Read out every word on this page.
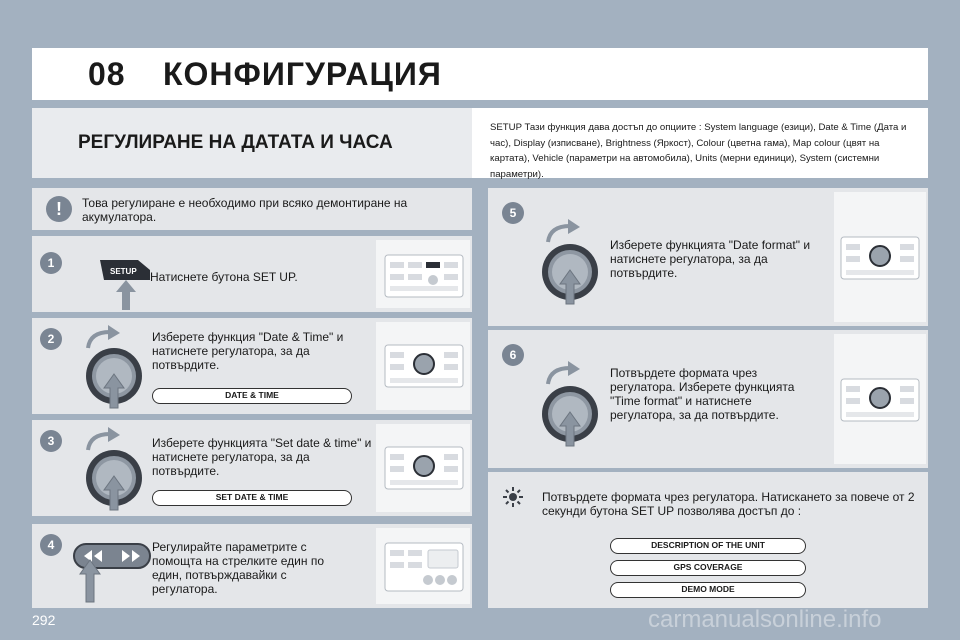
08 КОНФИГУРАЦИЯ
РЕГУЛИРАНЕ НА ДАТАТА И ЧАСА
SETUP Тази функция дава достъп до опциите : System language (езици), Date & Time (Дата и час), Display (изписване), Brightness (Яркост), Colour (цветна гама), Map colour (цвят на картата), Vehicle (параметри на автомобила), Units (мерни единици), System (системни параметри).
!	Това регулиране е необходимо при всяко демонтиране на акумулатора.
1
SETUP Натиснете бутона SET UP.
2	Изберете функция "Date & Time" и натиснете регулатора, за да потвърдите.
DATE & TIME
3	Изберете функцията "Set date & time" и натиснете регулатора, за да потвърдите.
SET DATE & TIME
4	Регулирайте параметрите с помощта на стрелките един по един, потвърждавайки с регулатора.
5
Изберете функцията "Date format" и натиснете регулатора, за да потвърдите.
6
Потвърдете формата чрез регулатора. Изберете функцията "Time format" и натиснете регулатора, за да потвърдите.
Потвърдете формата чрез регулатора. Натискането за повече от 2 секунди бутона SET UP позволява достъп до :
DESCRIPTION OF THE UNIT
GPS COVERAGE
DEMO MODE
292	carmanualsonline.info
